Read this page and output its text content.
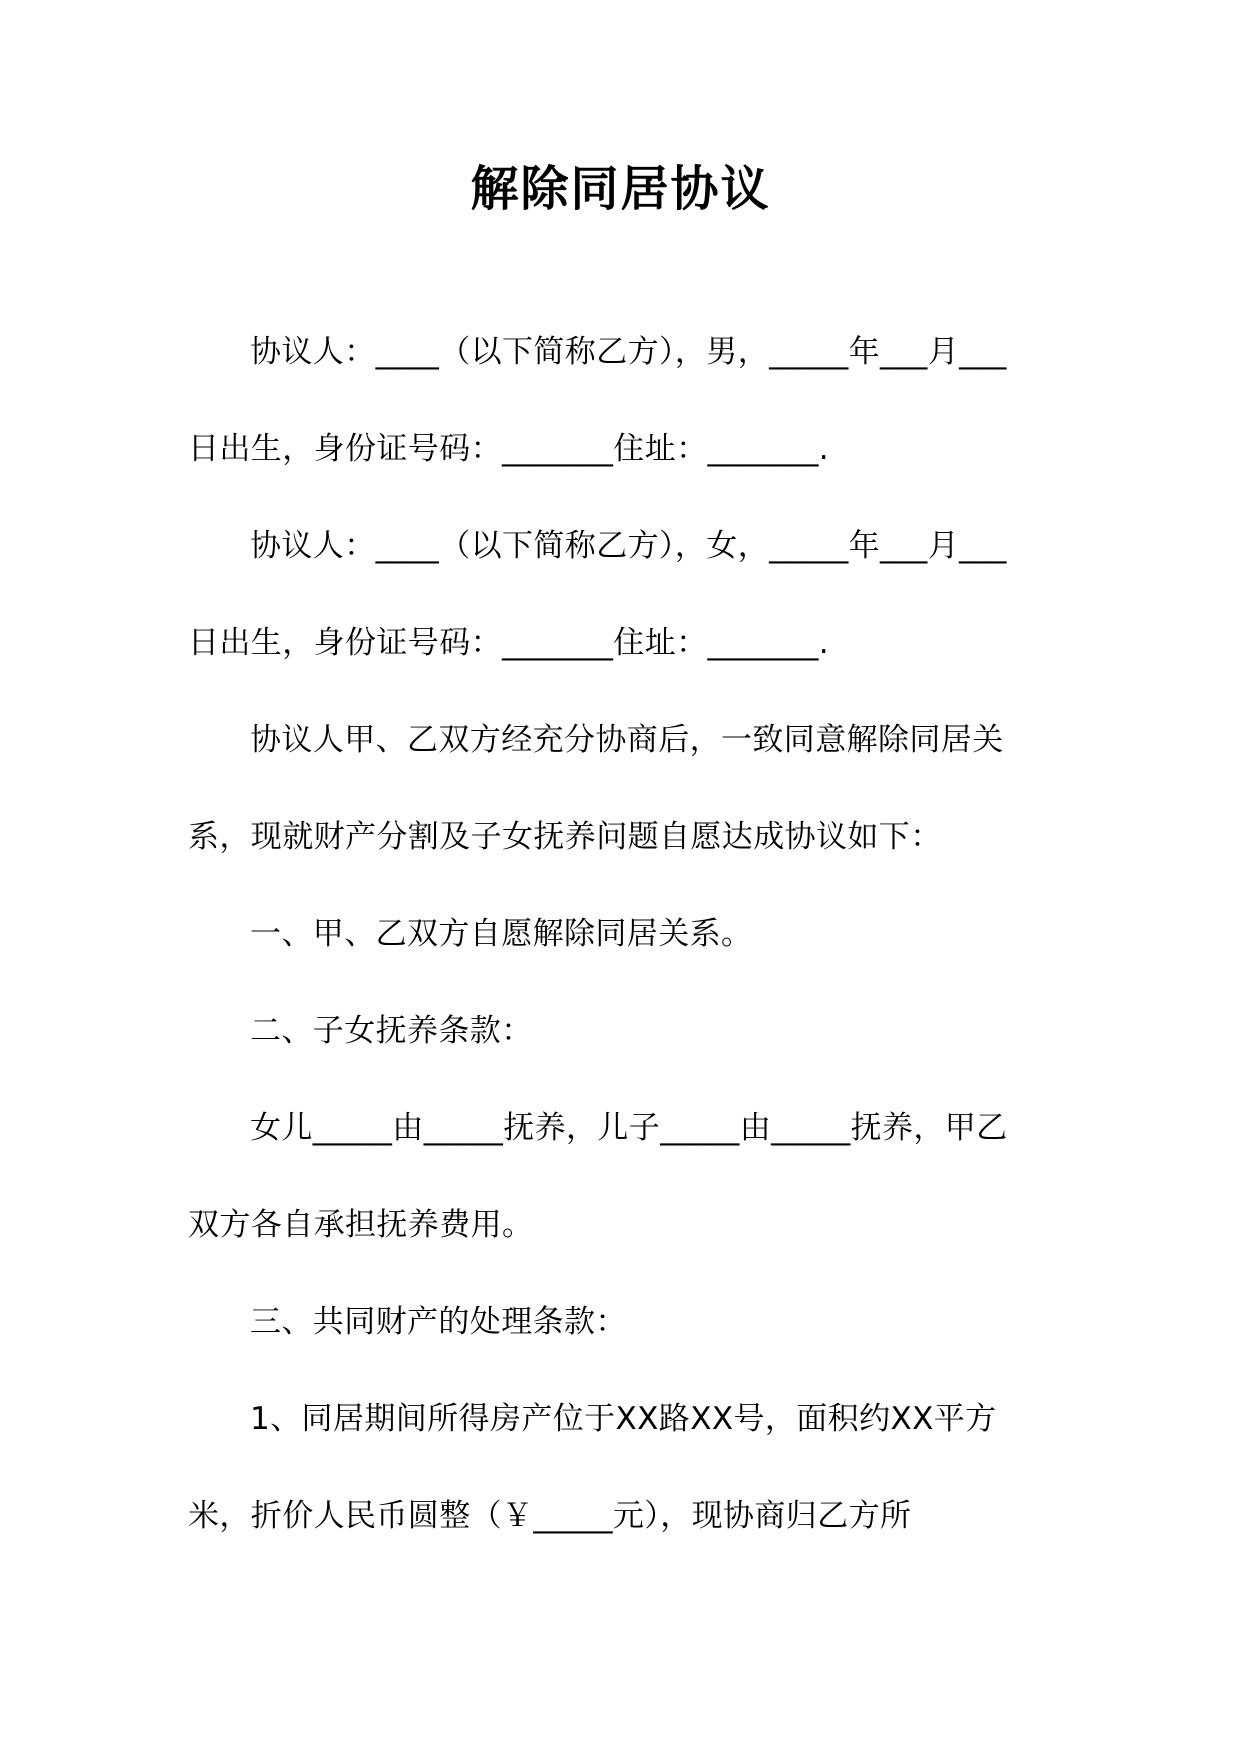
解除同居协议

协议人：____（以下简称乙方），男，_____年___月___日出生，身份证号码：_______住址：_______.

协议人：____（以下简称乙方），女，_____年___月___日出生，身份证号码：_______住址：_______.

协议人甲、乙双方经充分协商后，一致同意解除同居关系，现就财产分割及子女抚养问题自愿达成协议如下：

一、甲、乙双方自愿解除同居关系。

二、子女抚养条款：

女儿_____由_____抚养，儿子_____由_____抚养，甲乙双方各自承担抚养费用。

三、共同财产的处理条款：

1、同居期间所得房产位于XX路XX号，面积约XX平方米，折价人民币圆整（￥_____元），现协商归乙方所
